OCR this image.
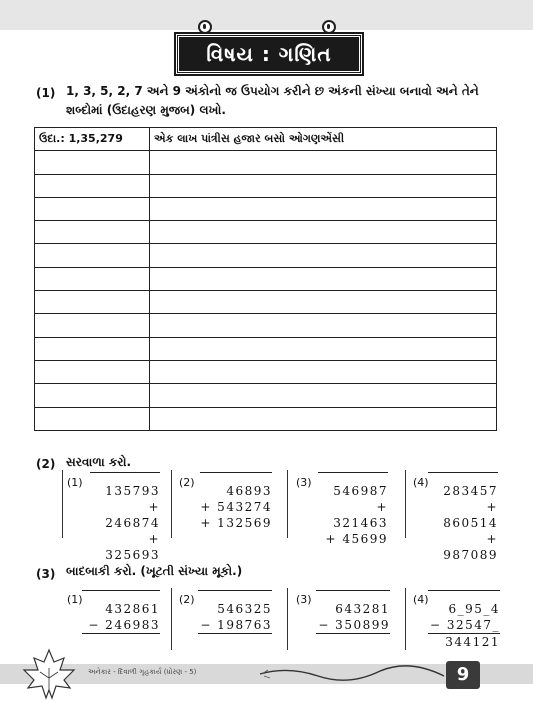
વિષય : ગણિત
(1) 1, 3, 5, 2, 7 અને 9 અંકોનો જ ઉપયોગ કરીને છ અંકની સંખ્યા બનાવો અને તેને
શબ્દોમાં (ઉદાહરણ મુજબ) લખો.
ઉદા.: 1,35,279	એક લાખ પાંત્રીસ હજાર બસો ઓગણએંસી

(2) સરવાળા કરો.
(1)
135793
+ 246874
+ 325693
(2)
46893
+ 543274
+ 132569
(3)
546987
+ 321463
+ 45699
(4)
283457
+ 860514
+ 987089
(3) બાદબાકી કરો. (ખૂટતી સંખ્યા મૂકો.)
(1)
432861
− 246983
(2)
546325
− 198763
(3)
643281
− 350899
(4)
6_95_4
− 32547_
344121
અનેકાર - દિવાળી ગૃહકાર્ય (ધોરણ - 5)	9
